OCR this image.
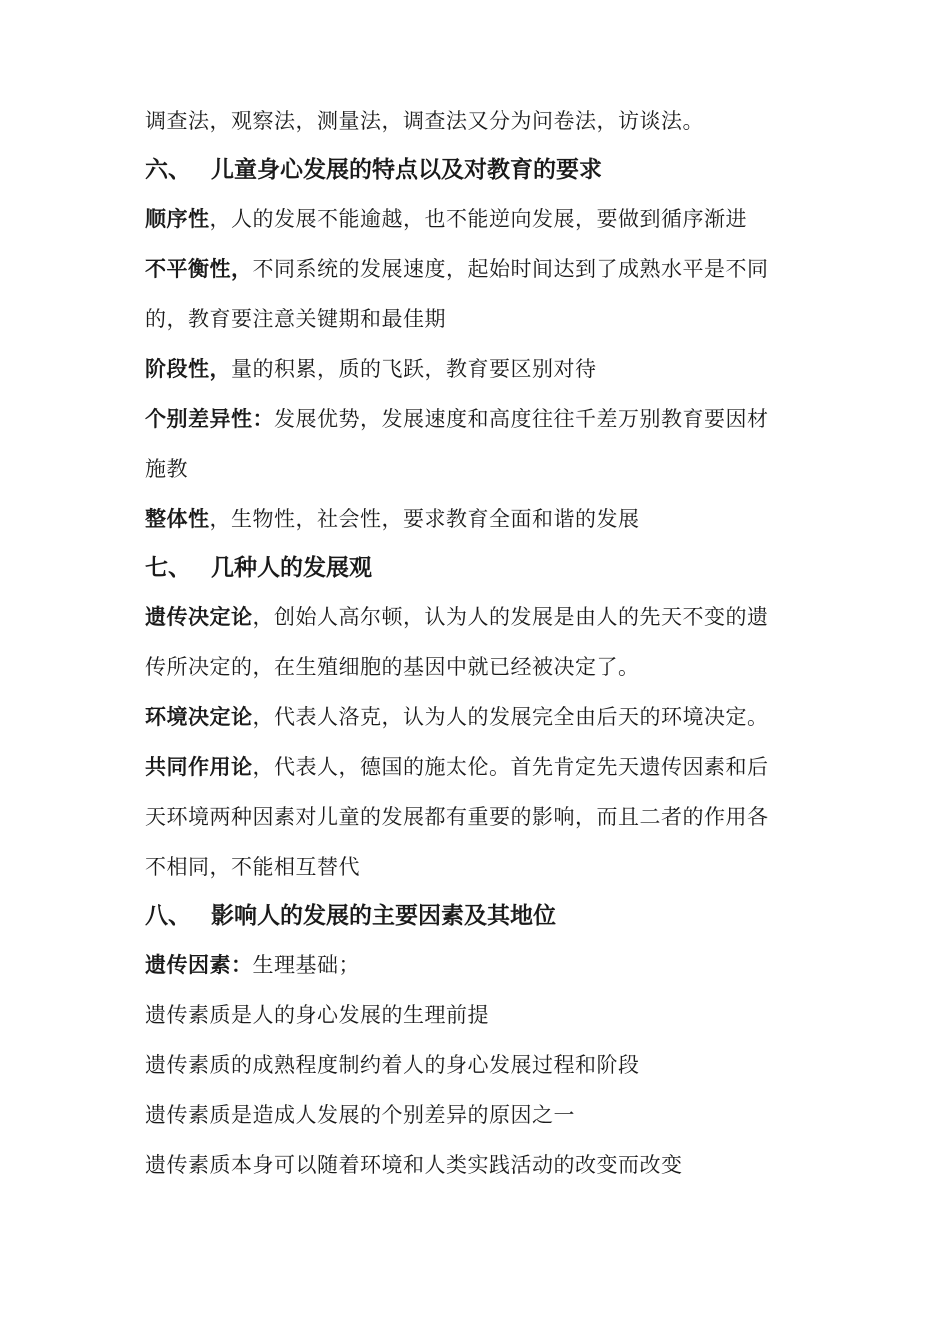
调查法，观察法，测量法，调查法又分为问卷法，访谈法。
六、 儿童身心发展的特点以及对教育的要求
顺序性，人的发展不能逾越，也不能逆向发展，要做到循序渐进
不平衡性，不同系统的发展速度，起始时间达到了成熟水平是不同
的，教育要注意关键期和最佳期
阶段性，量的积累，质的飞跃，教育要区别对待
个别差异性：发展优势，发展速度和高度往往千差万别教育要因材
施教
整体性，生物性，社会性，要求教育全面和谐的发展
七、 几种人的发展观
遗传决定论，创始人高尔顿，认为人的发展是由人的先天不变的遗
传所决定的，在生殖细胞的基因中就已经被决定了。
环境决定论，代表人洛克，认为人的发展完全由后天的环境决定。
共同作用论，代表人，德国的施太伦。首先肯定先天遗传因素和后
天环境两种因素对儿童的发展都有重要的影响，而且二者的作用各
不相同，不能相互替代
八、 影响人的发展的主要因素及其地位
遗传因素：生理基础；
遗传素质是人的身心发展的生理前提
遗传素质的成熟程度制约着人的身心发展过程和阶段
遗传素质是造成人发展的个别差异的原因之一
遗传素质本身可以随着环境和人类实践活动的改变而改变
